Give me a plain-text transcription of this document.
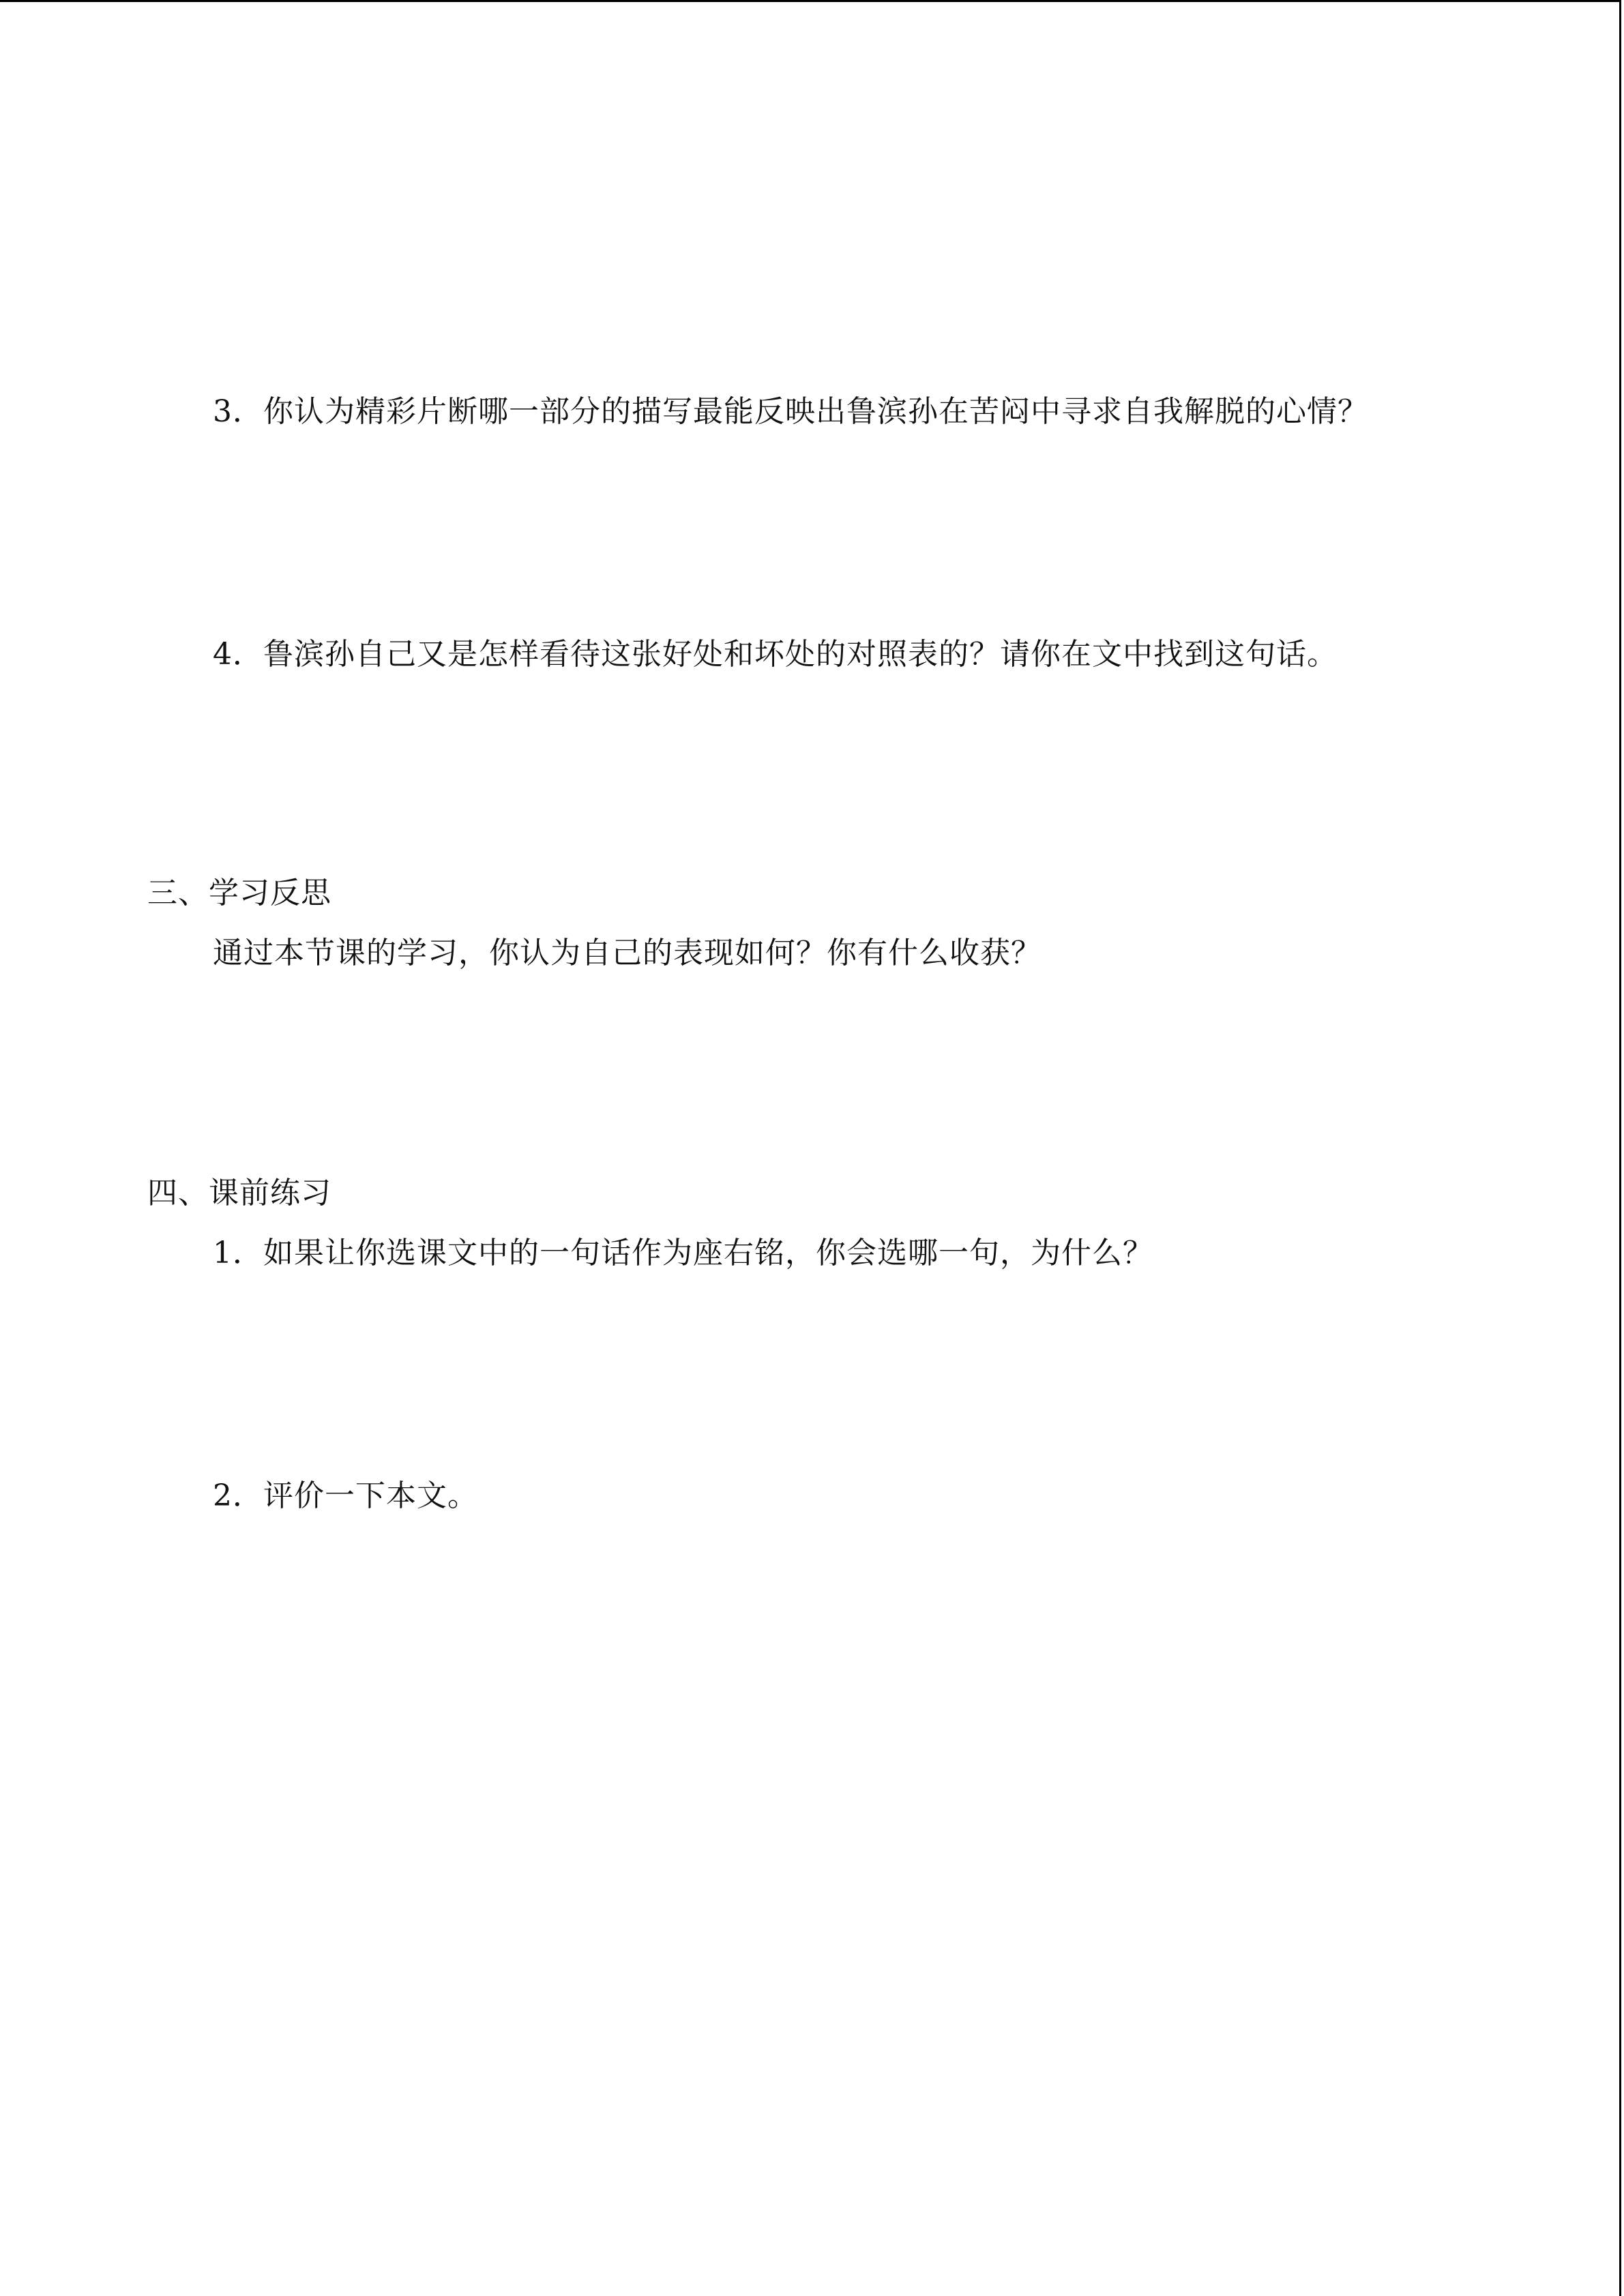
3．你认为精彩片断哪一部分的描写最能反映出鲁滨孙在苦闷中寻求自我解脱的心情？
4．鲁滨孙自己又是怎样看待这张好处和坏处的对照表的？请你在文中找到这句话。
三、学习反思
通过本节课的学习，你认为自己的表现如何？你有什么收获？
四、课前练习
1．如果让你选课文中的一句话作为座右铭，你会选哪一句，为什么？
2．评价一下本文。
